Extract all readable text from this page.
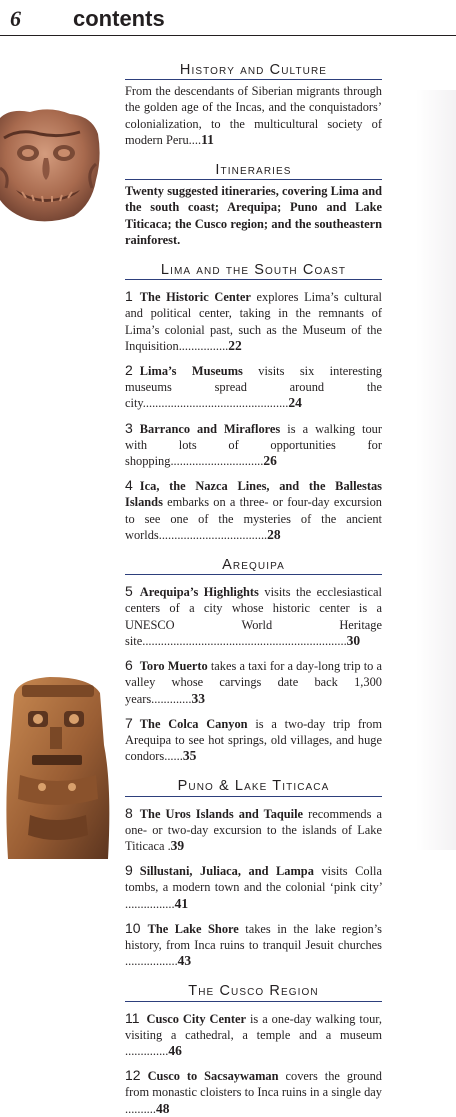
6 contents
History and Culture

From the descendants of Siberian migrants through the golden age of the Incas, and the conquistadors’ colonialization, to the multicultural society of modern Peru....11

Itineraries

Twenty suggested itineraries, covering Lima and the south coast; Arequipa; Puno and Lake Titicaca; the Cusco region; and the southeastern rainforest.

Lima and the South Coast
1 The Historic Center explores Lima’s cultural and political center, taking in the remnants of Lima’s colonial past, such as the Museum of the Inquisition................22
2 Lima’s Museums visits six interesting museums spread around the city...............................................24
3 Barranco and Miraflores is a walking tour with lots of opportunities for shopping..............................26
4 Ica, the Nazca Lines, and the Ballestas Islands embarks on a three- or four-day excursion to see one of the mysteries of the ancient worlds...................................28
Arequipa
5 Arequipa’s Highlights visits the ecclesiastical centers of a city whose historic center is a UNESCO World Heritage site..................................................................30
6 Toro Muerto takes a taxi for a day-long trip to a valley whose carvings date back 1,300 years.............33
7 The Colca Canyon is a two-day trip from Arequipa to see hot springs, old villages, and huge condors......35
Puno & Lake Titicaca
8 The Uros Islands and Taquile recommends a one- or two-day excursion to the islands of Lake Titicaca .39
9 Sillustani, Juliaca, and Lampa visits Colla tombs, a modern town and the colonial ‘pink city’ ................41
10 The Lake Shore takes in the lake region’s history, from Inca ruins to tranquil Jesuit churches .................43
The Cusco Region
11 Cusco City Center is a one-day walking tour, visiting a cathedral, a temple and a museum ..............46
12 Cusco to Sacsaywaman covers the ground from monastic cloisters to Inca ruins in a single day ..........48
